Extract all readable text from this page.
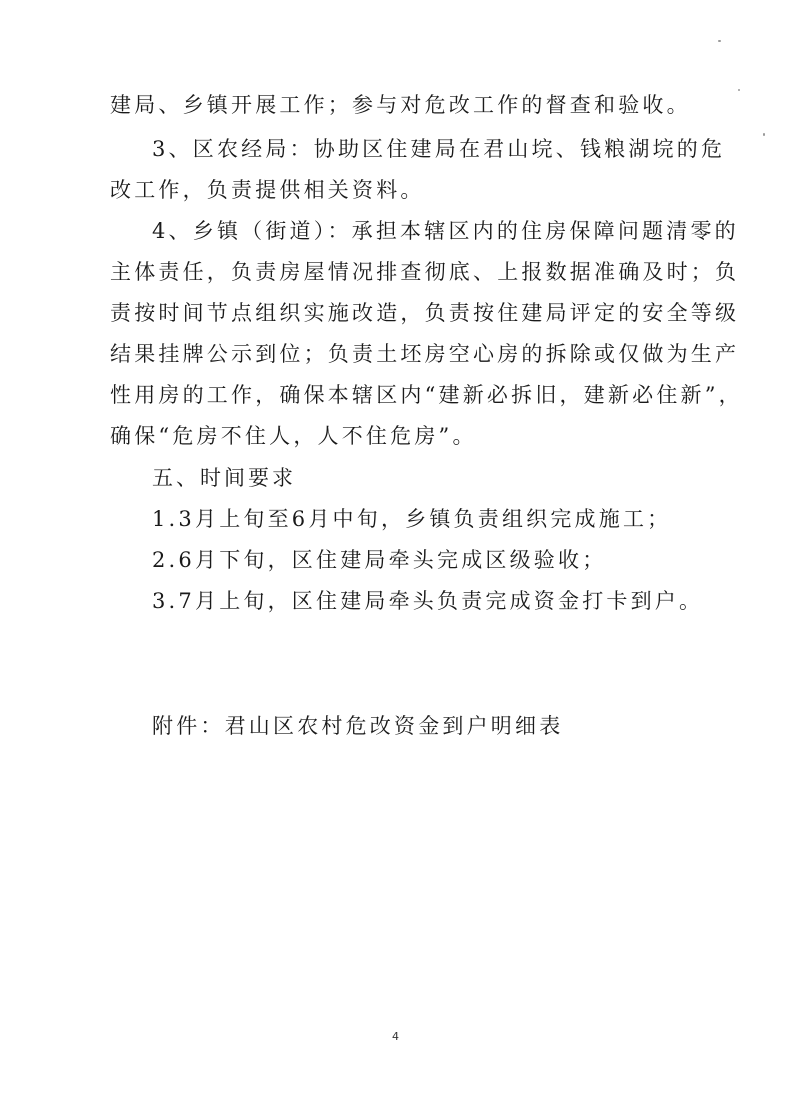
建局、乡镇开展工作；参与对危改工作的督查和验收。
3、区农经局：协助区住建局在君山垸、钱粮湖垸的危
改工作，负责提供相关资料。
4、乡镇（街道）：承担本辖区内的住房保障问题清零的
主体责任，负责房屋情况排查彻底、上报数据准确及时；负
责按时间节点组织实施改造，负责按住建局评定的安全等级
结果挂牌公示到位；负责土坯房空心房的拆除或仅做为生产
性用房的工作，确保本辖区内“建新必拆旧，建新必住新”，
确保“危房不住人，人不住危房”。
五、时间要求
1.3月上旬至6月中旬，乡镇负责组织完成施工；
2.6月下旬，区住建局牵头完成区级验收；
3.7月上旬，区住建局牵头负责完成资金打卡到户。
附件：君山区农村危改资金到户明细表
4
